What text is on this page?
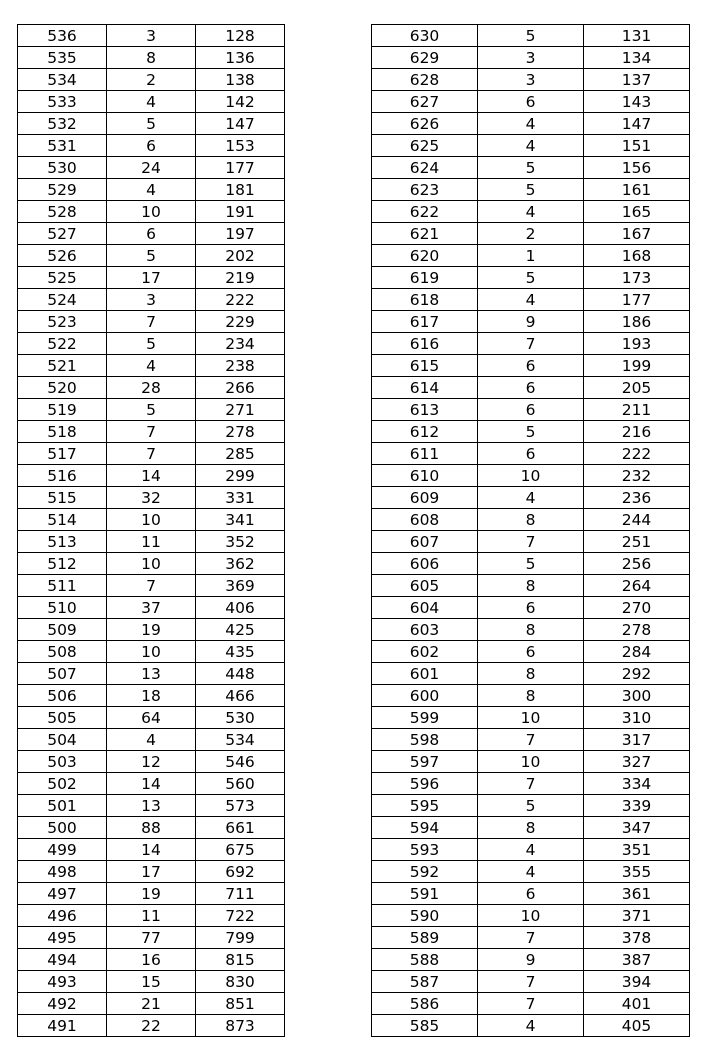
536	3	128
535	8	136
534	2	138
533	4	142
532	5	147
531	6	153
530	24	177
529	4	181
528	10	191
527	6	197
526	5	202
525	17	219
524	3	222
523	7	229
522	5	234
521	4	238
520	28	266
519	5	271
518	7	278
517	7	285
516	14	299
515	32	331
514	10	341
513	11	352
512	10	362
511	7	369
510	37	406
509	19	425
508	10	435
507	13	448
506	18	466
505	64	530
504	4	534
503	12	546
502	14	560
501	13	573
500	88	661
499	14	675
498	17	692
497	19	711
496	11	722
495	77	799
494	16	815
493	15	830
492	21	851
491	22	873
630	5	131
629	3	134
628	3	137
627	6	143
626	4	147
625	4	151
624	5	156
623	5	161
622	4	165
621	2	167
620	1	168
619	5	173
618	4	177
617	9	186
616	7	193
615	6	199
614	6	205
613	6	211
612	5	216
611	6	222
610	10	232
609	4	236
608	8	244
607	7	251
606	5	256
605	8	264
604	6	270
603	8	278
602	6	284
601	8	292
600	8	300
599	10	310
598	7	317
597	10	327
596	7	334
595	5	339
594	8	347
593	4	351
592	4	355
591	6	361
590	10	371
589	7	378
588	9	387
587	7	394
586	7	401
585	4	405
